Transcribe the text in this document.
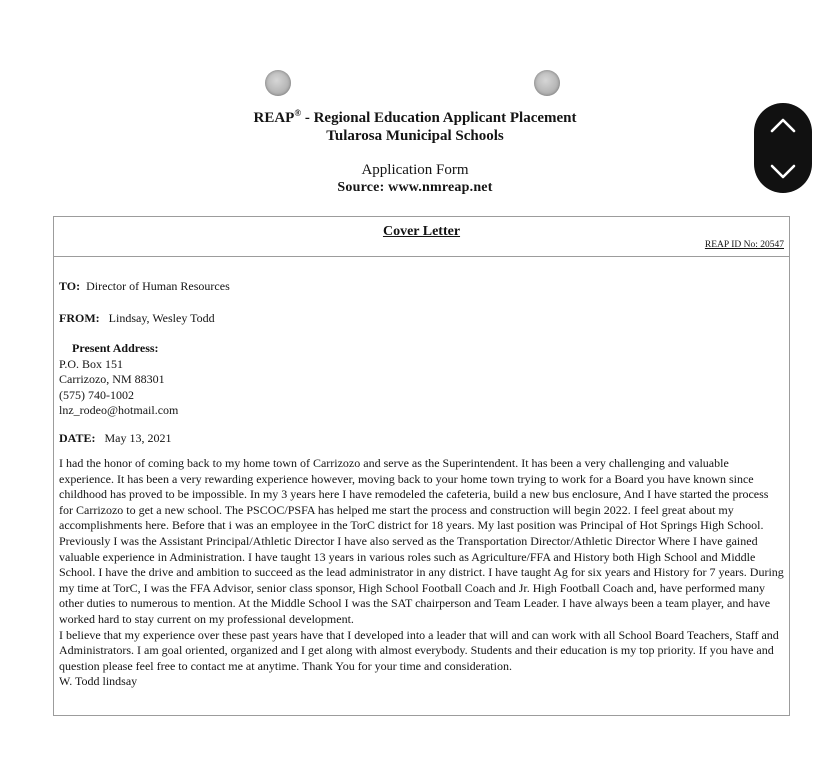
REAP® - Regional Education Applicant Placement
Tularosa Municipal Schools
Application Form
Source: www.nmreap.net
Cover Letter
REAP ID No: 20547

TO: Director of Human Resources

FROM: Lindsay, Wesley Todd

Present Address:
P.O. Box 151
Carrizozo, NM 88301
(575) 740-1002
lnz_rodeo@hotmail.com

DATE: May 13, 2021

I had the honor of coming back to my home town of Carrizozo and serve as the Superintendent. It has been a very challenging and valuable experience. It has been a very rewarding experience however, moving back to your home town trying to work for a Board you have known since childhood has proved to be impossible. In my 3 years here I have remodeled the cafeteria, build a new bus enclosure, And I have started the process for Carrizozo to get a new school. The PSCOC/PSFA has helped me start the process and construction will begin 2022. I feel great about my accomplishments here. Before that i was an employee in the TorC district for 18 years. My last position was Principal of Hot Springs High School. Previously I was the Assistant Principal/Athletic Director I have also served as the Transportation Director/Athletic Director Where I have gained valuable experience in Administration. I have taught 13 years in various roles such as Agriculture/FFA and History both High School and Middle School. I have the drive and ambition to succeed as the lead administrator in any district. I have taught Ag for six years and History for 7 years. During my time at TorC, I was the FFA Advisor, senior class sponsor, High School Football Coach and Jr. High Football Coach and, have performed many other duties to numerous to mention. At the Middle School I was the SAT chairperson and Team Leader. I have always been a team player, and have worked hard to stay current on my professional development.

I believe that my experience over these past years have that I developed into a leader that will and can work with all School Board Teachers, Staff and Administrators. I am goal oriented, organized and I get along with almost everybody. Students and their education is my top priority. If you have and question please feel free to contact me at anytime. Thank You for your time and consideration.

W. Todd lindsay
